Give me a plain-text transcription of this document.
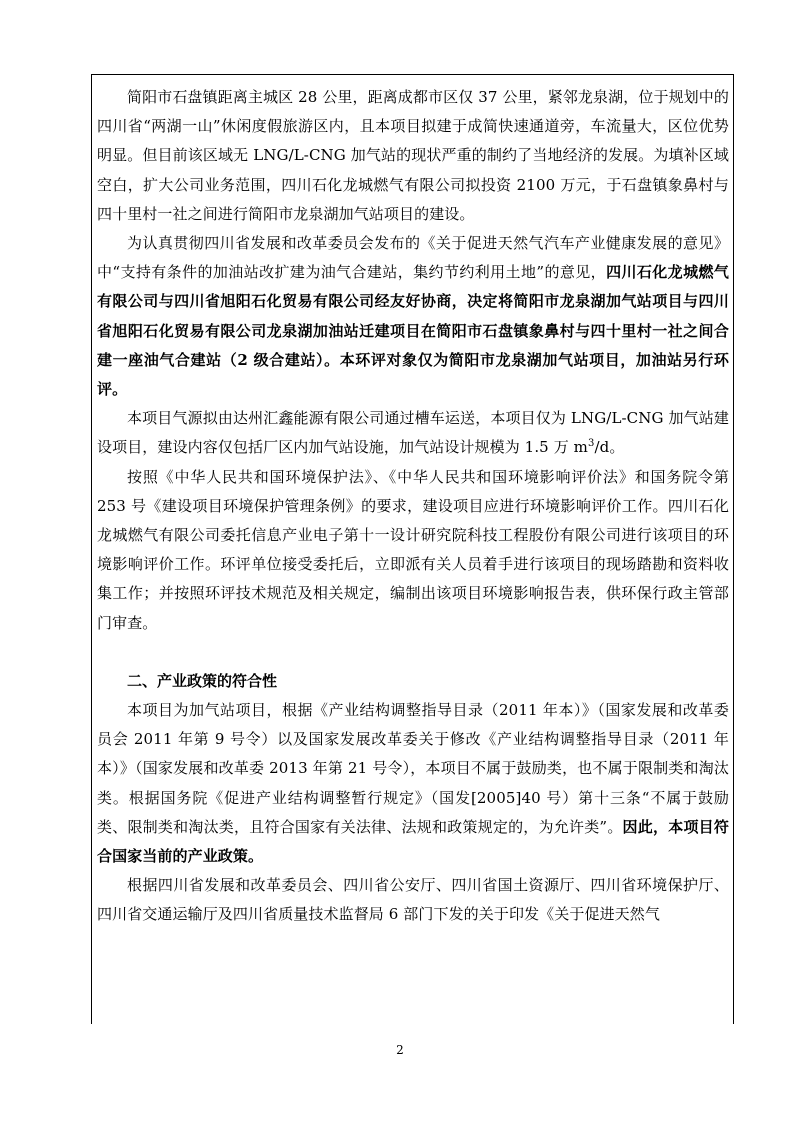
简阳市石盘镇距离主城区 28 公里，距离成都市区仅 37 公里，紧邻龙泉湖，位于规划中的四川省“两湖一山”休闲度假旅游区内，且本项目拟建于成简快速通道旁，车流量大，区位优势明显。但目前该区域无 LNG/L-CNG 加气站的现状严重的制约了当地经济的发展。为填补区域空白，扩大公司业务范围，四川石化龙城燃气有限公司拟投资 2100 万元，于石盘镇象鼻村与四十里村一社之间进行简阳市龙泉湖加气站项目的建设。

为认真贯彻四川省发展和改革委员会发布的《关于促进天然气汽车产业健康发展的意见》中“支持有条件的加油站改扩建为油气合建站，集约节约利用土地”的意见，四川石化龙城燃气有限公司与四川省旭阳石化贸易有限公司经友好协商，决定将简阳市龙泉湖加气站项目与四川省旭阳石化贸易有限公司龙泉湖加油站迁建项目在简阳市石盘镇象鼻村与四十里村一社之间合建一座油气合建站（2 级合建站）。本环评对象仅为简阳市龙泉湖加气站项目，加油站另行环评。

本项目气源拟由达州汇鑫能源有限公司通过槽车运送，本项目仅为 LNG/L-CNG 加气站建设项目，建设内容仅包括厂区内加气站设施，加气站设计规模为 1.5 万 $m^3/d$。

按照《中华人民共和国环境保护法》、《中华人民共和国环境影响评价法》和国务院令第 253 号《建设项目环境保护管理条例》的要求，建设项目应进行环境影响评价工作。四川石化龙城燃气有限公司委托信息产业电子第十一设计研究院科技工程股份有限公司进行该项目的环境影响评价工作。环评单位接受委托后，立即派有关人员着手进行该项目的现场踏勘和资料收集工作；并按照环评技术规范及相关规定，编制出该项目环境影响报告表，供环保行政主管部门审查。

二、产业政策的符合性

本项目为加气站项目，根据《产业结构调整指导目录（2011 年本）》（国家发展和改革委员会 2011 年第 9 号令）以及国家发展改革委关于修改《产业结构调整指导目录（2011 年本）》（国家发展和改革委 2013 年第 21 号令），本项目不属于鼓励类，也不属于限制类和淘汰类。根据国务院《促进产业结构调整暂行规定》（国发[2005]40 号）第十三条“不属于鼓励类、限制类和淘汰类，且符合国家有关法律、法规和政策规定的，为允许类”。因此，本项目符合国家当前的产业政策。

根据四川省发展和改革委员会、四川省公安厅、四川省国土资源厅、四川省环境保护厅、四川省交通运输厅及四川省质量技术监督局 6 部门下发的关于印发《关于促进天然气

2
